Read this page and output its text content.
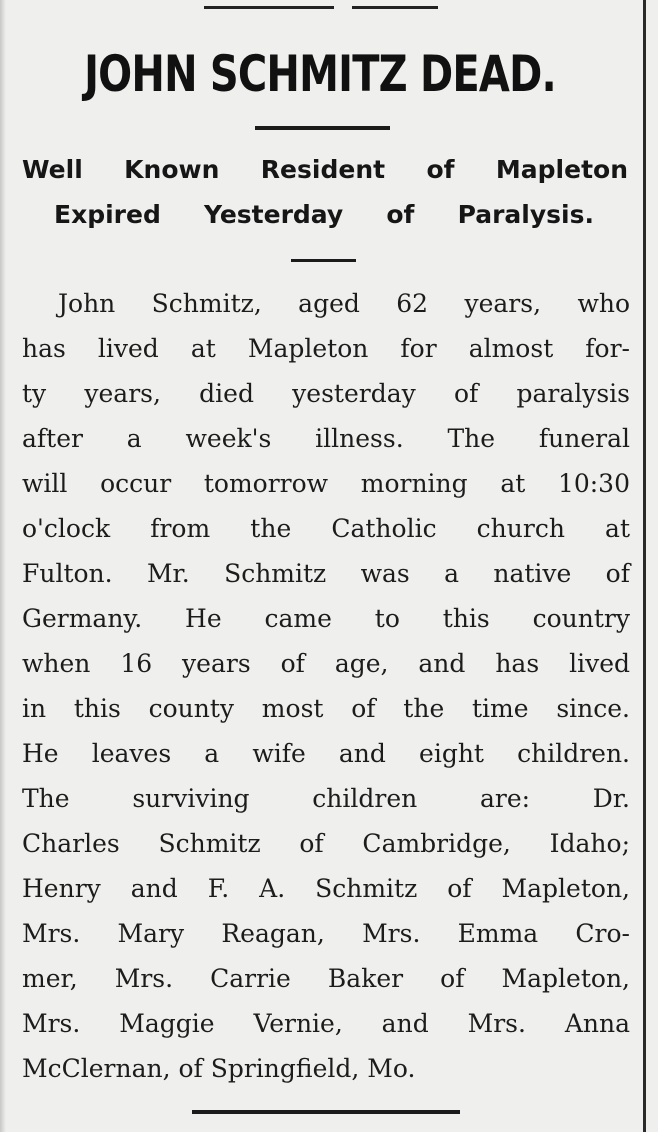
JOHN SCHMITZ DEAD.
Well Known Resident of Mapleton
Expired Yesterday of Paralysis.
John Schmitz, aged 62 years, who
has lived at Mapleton for almost for-
ty years, died yesterday of paralysis
after a week's illness. The funeral
will occur tomorrow morning at 10:30
o'clock from the Catholic church at
Fulton. Mr. Schmitz was a native of
Germany. He came to this country
when 16 years of age, and has lived
in this county most of the time since.
He leaves a wife and eight children.
The surviving children are: Dr.
Charles Schmitz of Cambridge, Idaho;
Henry and F. A. Schmitz of Mapleton,
Mrs. Mary Reagan, Mrs. Emma Cro-
mer, Mrs. Carrie Baker of Mapleton,
Mrs. Maggie Vernie, and Mrs. Anna
McClernan, of Springfield, Mo.
